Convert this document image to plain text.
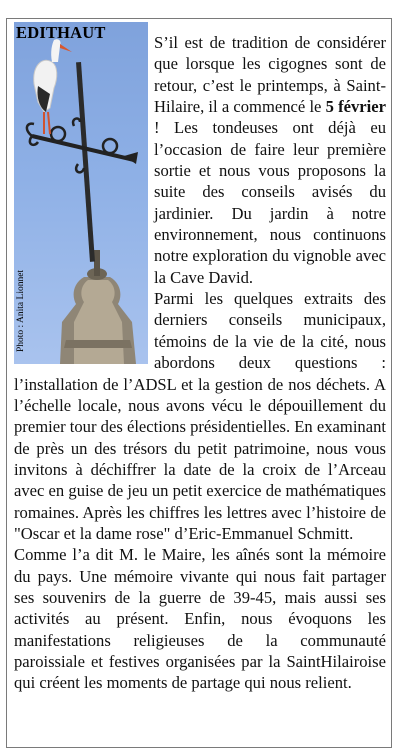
EDITHAUT
Photo : Anita Lionnet

S’il est de tradition de considérer que lorsque les cigognes sont de retour, c’est le printemps, à Saint-Hilaire, il a commencé le 5 février ! Les tondeuses ont déjà eu l’occasion de faire leur première sortie et nous vous proposons la suite des conseils avisés du jardinier. Du jardin à notre environnement, nous continuons notre exploration du vignoble avec la Cave David.

Parmi les quelques extraits des derniers conseils municipaux, témoins de la vie de la cité, nous abordons deux questions : l’installation de l’ADSL et la gestion de nos déchets. A l’échelle locale, nous avons vécu le dépouillement du premier tour des élections présidentielles. En examinant de près un des trésors du petit patrimoine, nous vous invitons à déchiffrer la date de la croix de l’Arceau avec en guise de jeu un petit exercice de mathématiques romaines. Après les chiffres les lettres avec l’histoire de "Oscar et la dame rose" d’Eric-Emmanuel Schmitt.

Comme l’a dit M. le Maire, les aînés sont la mémoire du pays. Une mémoire vivante qui nous fait partager ses souvenirs de la guerre de 39-45, mais aussi ses activités au présent. Enfin, nous évoquons les manifestations religieuses de la communauté paroissiale et festives organisées par la SaintHilairoise qui créent les moments de partage qui nous relient.
